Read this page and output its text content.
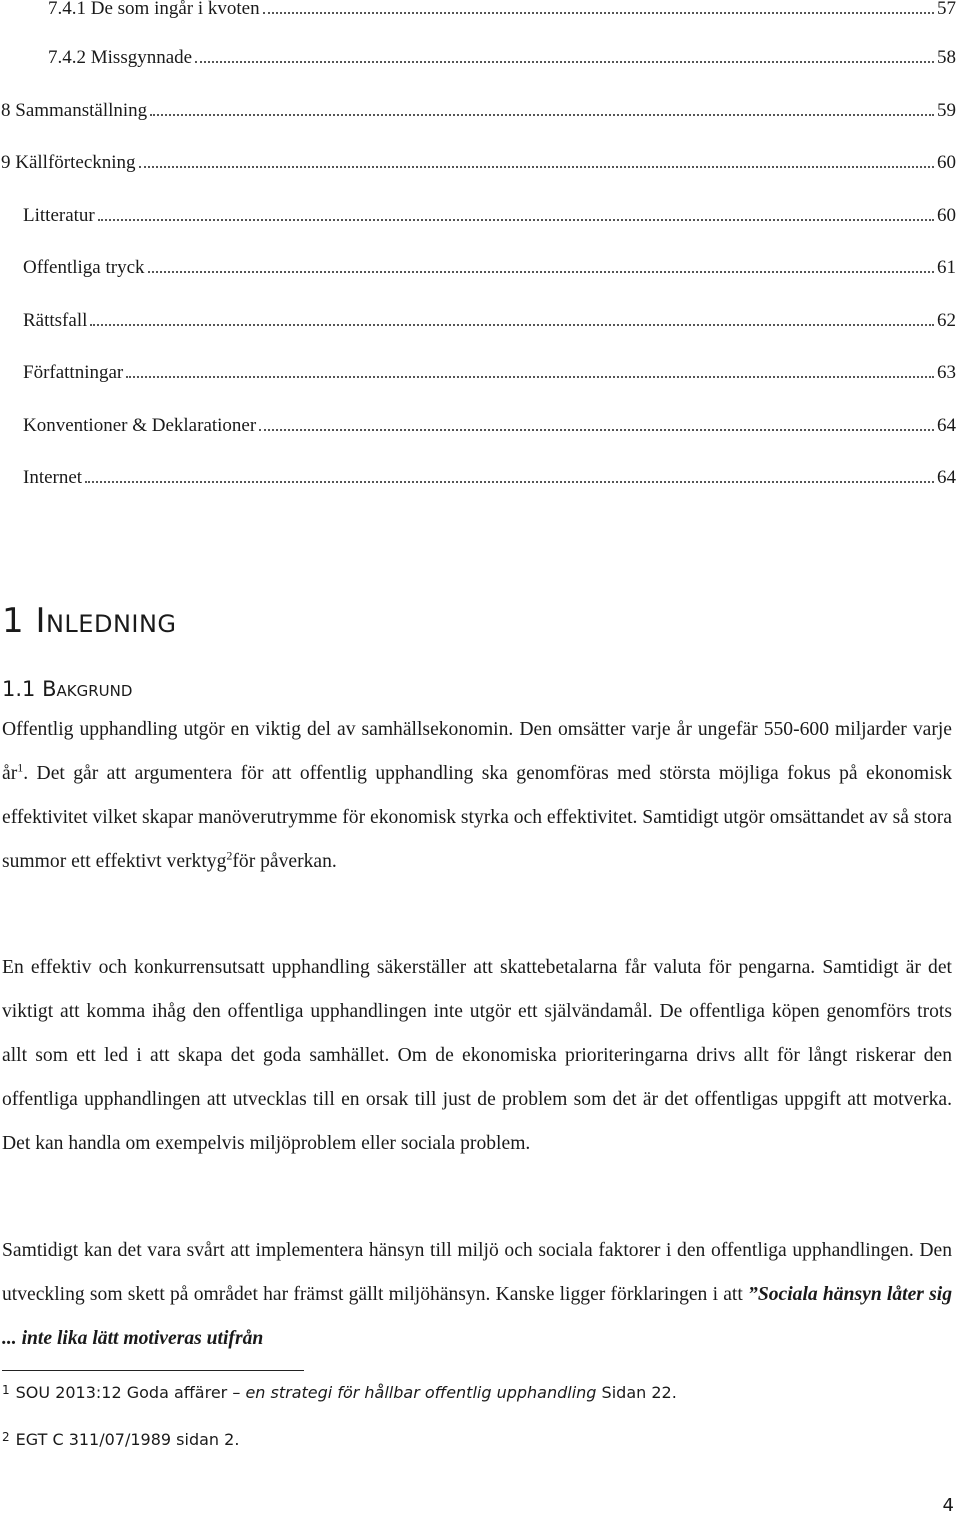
7.4.1 De som ingår i kvoten	57
7.4.2 Missgynnade	58
8 Sammanställning	59
9 Källförteckning	60
Litteratur	60
Offentliga tryck	61
Rättsfall	62
Författningar	63
Konventioner & Deklarationer	64
Internet	64
1 Inledning
1.1 Bakgrund

Offentlig upphandling utgör en viktig del av samhällsekonomin. Den omsätter varje år ungefär 550-600 miljarder varje $år^1$. Det går att argumentera för att offentlig upphandling ska genomföras med största möjliga fokus på ekonomisk effektivitet vilket skapar manöverutrymme för ekonomisk styrka och effektivitet. Samtidigt utgör omsättandet av så stora summor ett effektivt verktyg$^2$för påverkan.

En effektiv och konkurrensutsatt upphandling säkerställer att skattebetalarna får valuta för pengarna. Samtidigt är det viktigt att komma ihåg den offentliga upphandlingen inte utgör ett självändamål. De offentliga köpen genomförs trots allt som ett led i att skapa det goda samhället. Om de ekonomiska prioriteringarna drivs allt för långt riskerar den offentliga upphandlingen att utvecklas till en orsak till just de problem som det är det offentligas uppgift att motverka. Det kan handla om exempelvis miljöproblem eller sociala problem.

Samtidigt kan det vara svårt att implementera hänsyn till miljö och sociala faktorer i den offentliga upphandlingen. Den utveckling som skett på området har främst gällt miljöhänsyn. Kanske ligger förklaringen i att ”Sociala hänsyn låter sig ... inte lika lätt motiveras utifrån

$^1$ SOU 2013:12 Goda affärer – en strategi för hållbar offentlig upphandling Sidan 22.
$^2$ EGT C 311/07/1989 sidan 2.
4
